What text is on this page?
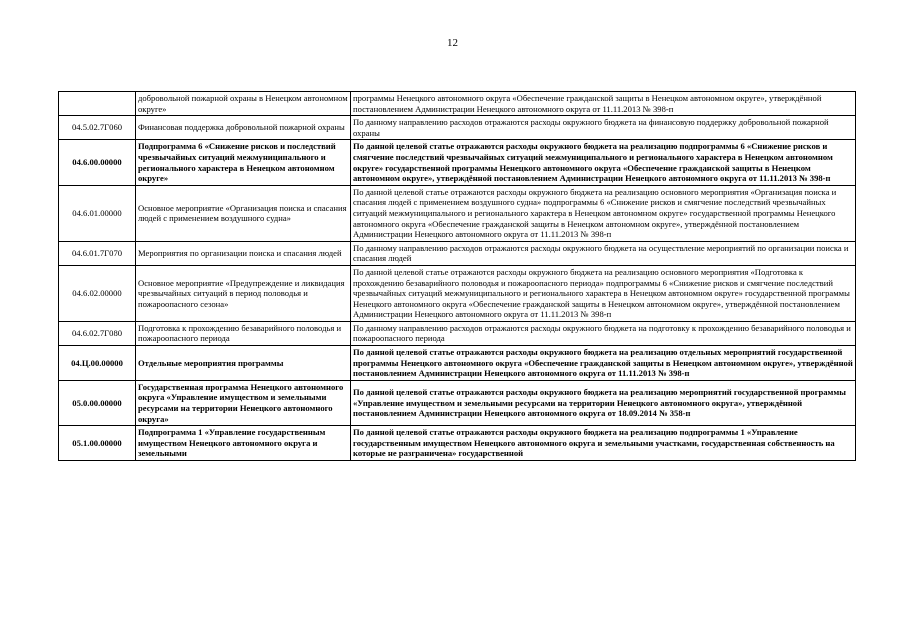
12
	добровольной пожарной охраны в Ненецком автономном округе»	программы Ненецкого автономного округа «Обеспечение гражданской защиты в Ненецком автономном округе», утверждённой постановлением Администрации Ненецкого автономного округа от 11.11.2013 № 398-п
04.5.02.7Г060	Финансовая поддержка добровольной пожарной охраны	По данному направлению расходов отражаются расходы окружного бюджета на финансовую поддержку добровольной пожарной охраны
04.6.00.00000	Подпрограмма 6 «Снижение рисков и последствий чрезвычайных ситуаций межмуниципального и регионального характера в Ненецком автономном округе»	По данной целевой статье отражаются расходы окружного бюджета на реализацию подпрограммы 6 «Снижение рисков и смягчение последствий чрезвычайных ситуаций межмуниципального и регионального характера в Ненецком автономном округе» государственной программы Ненецкого автономного округа «Обеспечение гражданской защиты в Ненецком автономном округе», утверждённой постановлением Администрации Ненецкого автономного округа от 11.11.2013 № 398-п
04.6.01.00000	Основное мероприятие «Организация поиска и спасания людей с применением воздушного судна»	По данной целевой статье отражаются расходы окружного бюджета на реализацию основного мероприятия «Организация поиска и спасания людей с применением воздушного судна» подпрограммы 6 «Снижение рисков и смягчение последствий чрезвычайных ситуаций межмуниципального и регионального характера в Ненецком автономном округе» государственной программы Ненецкого автономного округа «Обеспечение гражданской защиты в Ненецком автономном округе», утверждённой постановлением Администрации Ненецкого автономного округа от 11.11.2013 № 398-п
04.6.01.7Г070	Мероприятия по организации поиска и спасания людей	По данному направлению расходов отражаются расходы окружного бюджета на осуществление мероприятий по организации поиска и спасания людей
04.6.02.00000	Основное мероприятие «Предупреждение и ликвидация чрезвычайных ситуаций в период половодья и пожароопасного сезона»	По данной целевой статье отражаются расходы окружного бюджета на реализацию основного мероприятия «Подготовка к прохождению безаварийного половодья и пожароопасного периода» подпрограммы 6 «Снижение рисков и смягчение последствий чрезвычайных ситуаций межмуниципального и регионального характера в Ненецком автономном округе» государственной программы Ненецкого автономного округа «Обеспечение гражданской защиты в Ненецком автономном округе», утверждённой постановлением Администрации Ненецкого автономного округа от 11.11.2013 № 398-п
04.6.02.7Г080	Подготовка к прохождению безаварийного половодья и пожароопасного периода	По данному направлению расходов отражаются расходы окружного бюджета на подготовку к прохождению безаварийного половодья и пожароопасного периода
04.Ц.00.00000	Отдельные мероприятия программы	По данной целевой статье отражаются расходы окружного бюджета на реализацию отдельных мероприятий государственной программы Ненецкого автономного округа «Обеспечение гражданской защиты в Ненецком автономном округе», утверждённой постановлением Администрации Ненецкого автономного округа от 11.11.2013 № 398-п
05.0.00.00000	Государственная программа Ненецкого автономного округа «Управление имуществом и земельными ресурсами на территории Ненецкого автономного округа»	По данной целевой статье отражаются расходы окружного бюджета на реализацию мероприятий государственной программы «Управление имуществом и земельными ресурсами на территории Ненецкого автономного округа», утверждённой постановлением Администрации Ненецкого автономного округа от 18.09.2014 № 358-п
05.1.00.00000	Подпрограмма 1 «Управление государственным имуществом Ненецкого автономного округа и земельными	По данной целевой статье отражаются расходы окружного бюджета на реализацию подпрограммы 1 «Управление государственным имуществом Ненецкого автономного округа и земельными участками, государственная собственность на которые не разграничена» государственной
